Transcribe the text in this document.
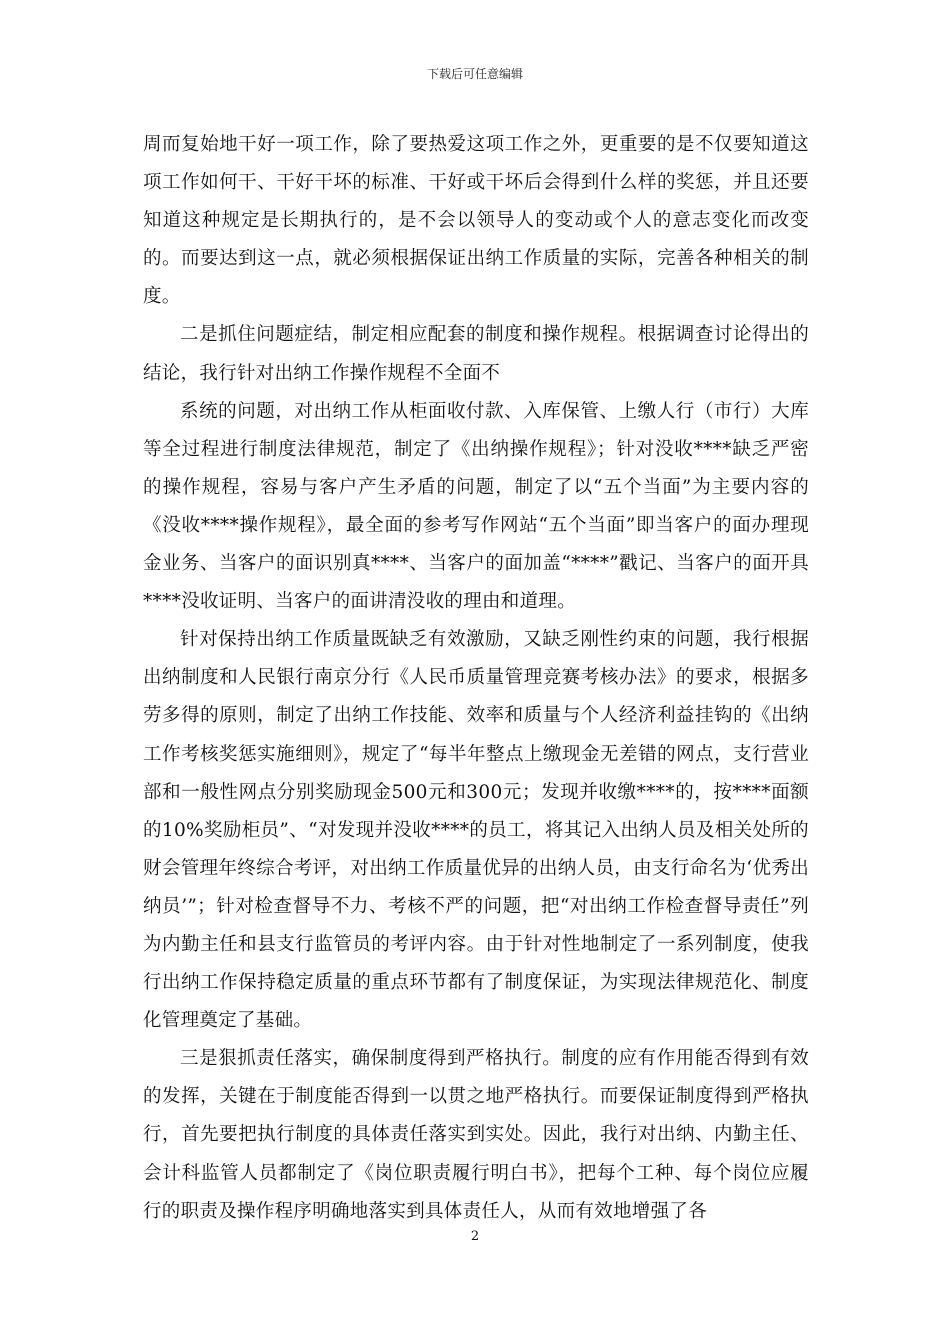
下载后可任意编辑

周而复始地干好一项工作，除了要热爱这项工作之外，更重要的是不仅要知道这项工作如何干、干好干坏的标准、干好或干坏后会得到什么样的奖惩，并且还要知道这种规定是长期执行的，是不会以领导人的变动或个人的意志变化而改变的。而要达到这一点，就必须根据保证出纳工作质量的实际，完善各种相关的制度。

二是抓住问题症结，制定相应配套的制度和操作规程。根据调查讨论得出的结论，我行针对出纳工作操作规程不全面不

系统的问题，对出纳工作从柜面收付款、入库保管、上缴人行（市行）大库等全过程进行制度法律规范，制定了《出纳操作规程》；针对没收****缺乏严密的操作规程，容易与客户产生矛盾的问题，制定了以“五个当面”为主要内容的《没收****操作规程》，最全面的参考写作网站“五个当面”即当客户的面办理现金业务、当客户的面识别真****、当客户的面加盖“****”戳记、当客户的面开具****没收证明、当客户的面讲清没收的理由和道理。

针对保持出纳工作质量既缺乏有效激励，又缺乏刚性约束的问题，我行根据出纳制度和人民银行南京分行《人民币质量管理竞赛考核办法》的要求，根据多劳多得的原则，制定了出纳工作技能、效率和质量与个人经济利益挂钩的《出纳工作考核奖惩实施细则》，规定了“每半年整点上缴现金无差错的网点，支行营业部和一般性网点分别奖励现金500元和300元；发现并收缴****的，按****面额的10%奖励柜员”、“对发现并没收****的员工，将其记入出纳人员及相关处所的财会管理年终综合考评，对出纳工作质量优异的出纳人员，由支行命名为‘优秀出纳员’”；针对检查督导不力、考核不严的问题，把“对出纳工作检查督导责任”列为内勤主任和县支行监管员的考评内容。由于针对性地制定了一系列制度，使我行出纳工作保持稳定质量的重点环节都有了制度保证，为实现法律规范化、制度化管理奠定了基础。

三是狠抓责任落实，确保制度得到严格执行。制度的应有作用能否得到有效的发挥，关键在于制度能否得到一以贯之地严格执行。而要保证制度得到严格执行，首先要把执行制度的具体责任落实到实处。因此，我行对出纳、内勤主任、会计科监管人员都制定了《岗位职责履行明白书》，把每个工种、每个岗位应履行的职责及操作程序明确地落实到具体责任人，从而有效地增强了各

2
